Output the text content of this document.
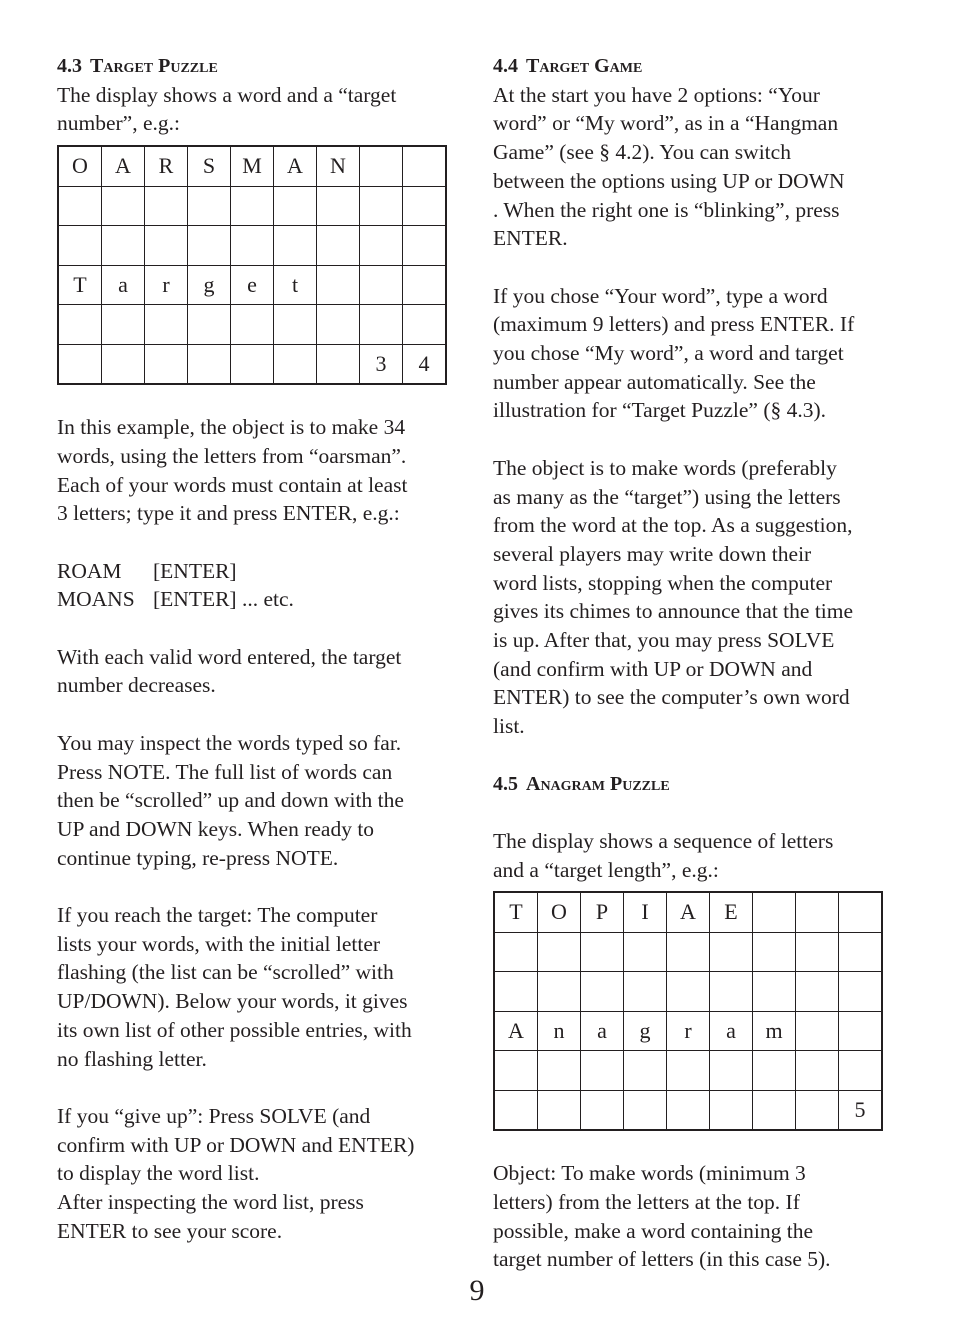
4.3 Target Puzzle

The display shows a word and a “target number”, e.g.:

O	A	R	S	M	A	N		

T	a	r	g	e	t			

							3	4

In this example, the object is to make 34
words, using the letters from “oarsman”.
Each of your words must contain at least
3 letters; type it and press ENTER, e.g.:

ROAM	[ENTER]
MOANS [ENTER] ... etc.

With each valid word entered, the target
number decreases.

You may inspect the words typed so far.
Press NOTE. The full list of words can
then be “scrolled” up and down with the
UP and DOWN keys. When ready to
continue typing, re-press NOTE.

If you reach the target: The computer
lists your words, with the initial letter
flashing (the list can be “scrolled” with
UP/DOWN). Below your words, it gives
its own list of other possible entries, with
no flashing letter.

If you “give up”: Press SOLVE (and
confirm with UP or DOWN and ENTER)
to display the word list.
After inspecting the word list, press
ENTER to see your score.

4.4 Target Game

At the start you have 2 options: “Your
word” or “My word”, as in a “Hangman
Game” (see § 4.2). You can switch
between the options using UP or DOWN
. When the right one is “blinking”, press
ENTER.

If you chose “Your word”, type a word
(maximum 9 letters) and press ENTER. If
you chose “My word”, a word and target
number appear automatically. See the
illustration for “Target Puzzle” (§ 4.3).

The object is to make words (preferably
as many as the “target”) using the letters
from the word at the top. As a suggestion,
several players may write down their
word lists, stopping when the computer
gives its chimes to announce that the time
is up. After that, you may press SOLVE
(and confirm with UP or DOWN and
ENTER) to see the computer’s own word
list.

4.5 Anagram Puzzle

The display shows a sequence of letters
and a “target length”, e.g.:

T	O	P	I	A	E			

A	n	a	g	r	a	m		

								5

Object: To make words (minimum 3
letters) from the letters at the top. If
possible, make a word containing the
target number of letters (in this case 5).

9
